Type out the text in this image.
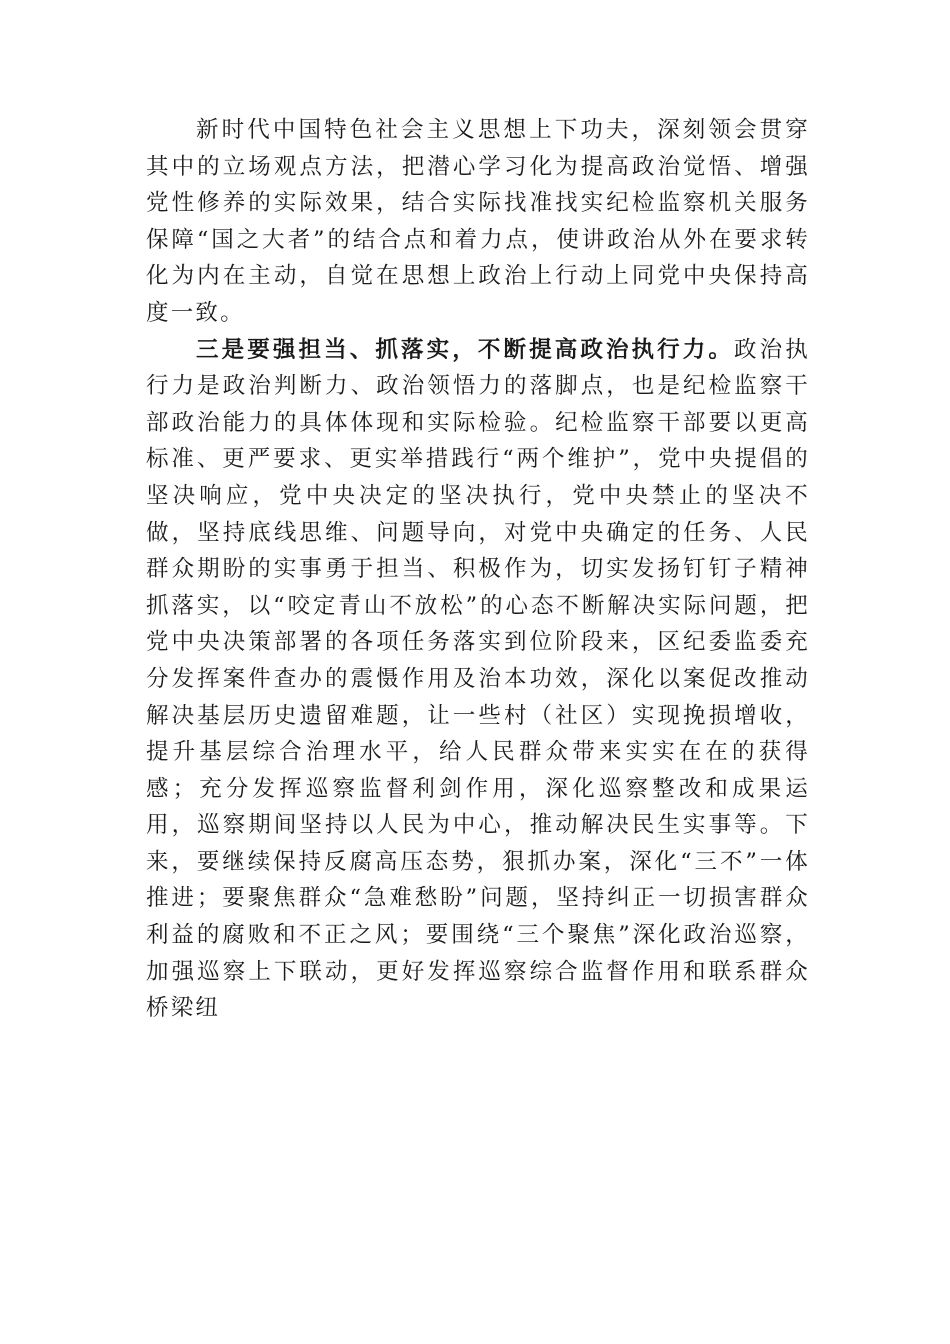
新时代中国特色社会主义思想上下功夫，深刻领会贯穿其中的立场观点方法，把潜心学习化为提高政治觉悟、增强党性修养的实际效果，结合实际找准找实纪检监察机关服务保障“国之大者”的结合点和着力点，使讲政治从外在要求转化为内在主动，自觉在思想上政治上行动上同党中央保持高度一致。

三是要强担当、抓落实，不断提高政治执行力。政治执行力是政治判断力、政治领悟力的落脚点，也是纪检监察干部政治能力的具体体现和实际检验。纪检监察干部要以更高标准、更严要求、更实举措践行“两个维护”，党中央提倡的坚决响应，党中央决定的坚决执行，党中央禁止的坚决不做，坚持底线思维、问题导向，对党中央确定的任务、人民群众期盼的实事勇于担当、积极作为，切实发扬钉钉子精神抓落实，以“咬定青山不放松”的心态不断解决实际问题，把党中央决策部署的各项任务落实到位阶段来，区纪委监委充分发挥案件查办的震慑作用及治本功效，深化以案促改推动解决基层历史遗留难题，让一些村（社区）实现挽损增收，提升基层综合治理水平，给人民群众带来实实在在的获得感；充分发挥巡察监督利剑作用，深化巡察整改和成果运用，巡察期间坚持以人民为中心，推动解决民生实事等。下来，要继续保持反腐高压态势，狠抓办案，深化“三不”一体推进；要聚焦群众“急难愁盼”问题，坚持纠正一切损害群众利益的腐败和不正之风；要围绕“三个聚焦”深化政治巡察，加强巡察上下联动，更好发挥巡察综合监督作用和联系群众桥梁纽
